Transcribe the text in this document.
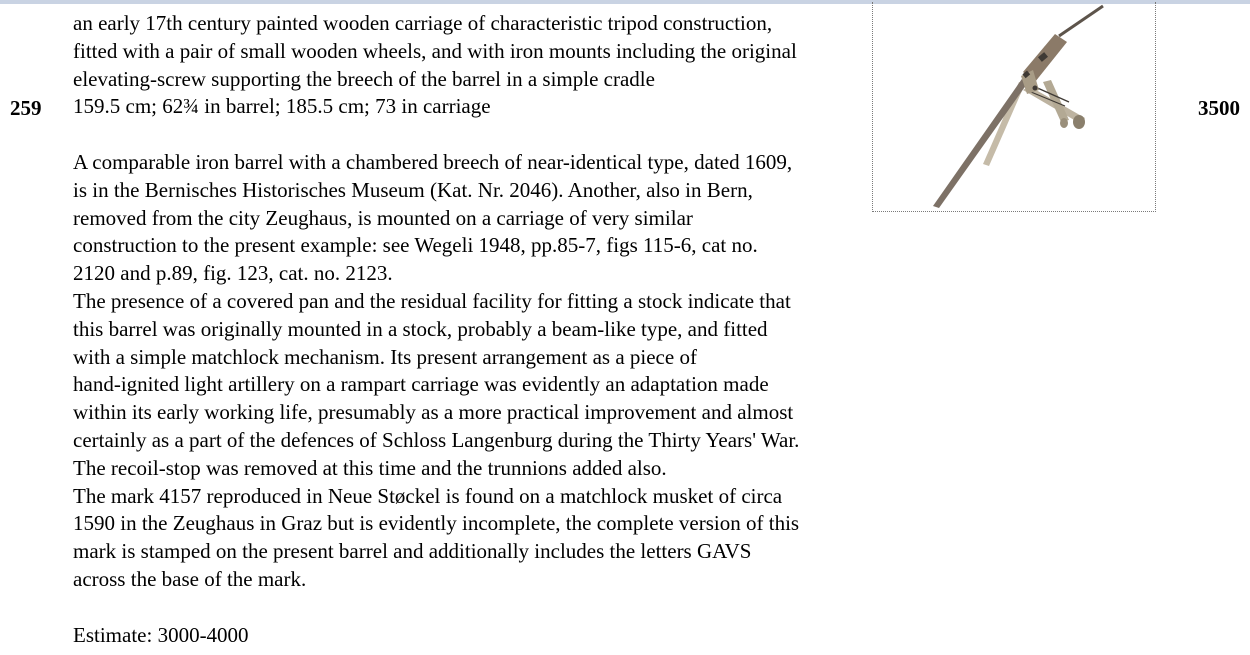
259
an early 17th century painted wooden carriage of characteristic tripod construction,
fitted with a pair of small wooden wheels, and with iron mounts including the original
elevating-screw supporting the breech of the barrel in a simple cradle
159.5 cm; 62¾ in barrel; 185.5 cm; 73 in carriage
A comparable iron barrel with a chambered breech of near-identical type, dated 1609,
is in the Bernisches Historisches Museum (Kat. Nr. 2046). Another, also in Bern,
removed from the city Zeughaus, is mounted on a carriage of very similar
construction to the present example: see Wegeli 1948, pp.85-7, figs 115-6, cat no.
2120 and p.89, fig. 123, cat. no. 2123.
The presence of a covered pan and the residual facility for fitting a stock indicate that
this barrel was originally mounted in a stock, probably a beam-like type, and fitted
with a simple matchlock mechanism. Its present arrangement as a piece of
hand-ignited light artillery on a rampart carriage was evidently an adaptation made
within its early working life, presumably as a more practical improvement and almost
certainly as a part of the defences of Schloss Langenburg during the Thirty Years' War.
The recoil-stop was removed at this time and the trunnions added also.
The mark 4157 reproduced in Neue Støckel is found on a matchlock musket of circa
1590 in the Zeughaus in Graz but is evidently incomplete, the complete version of this
mark is stamped on the present barrel and additionally includes the letters GAVS
across the base of the mark.
Estimate: 3000-4000
3500
